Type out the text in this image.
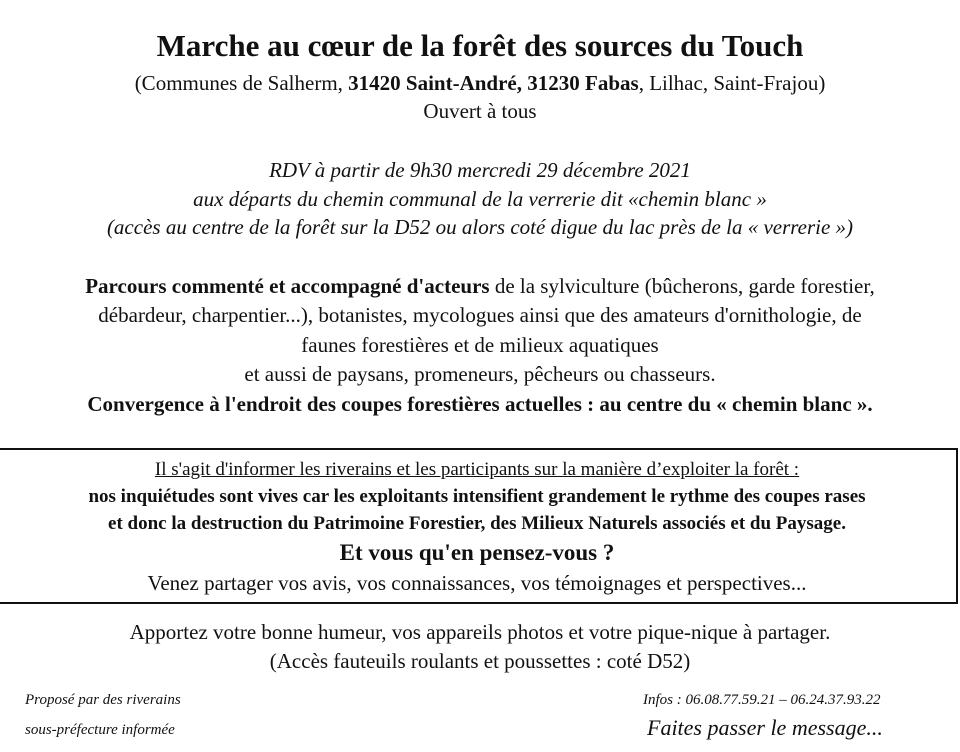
Marche au cœur de la forêt des sources du Touch
(Communes de Salherm, 31420 Saint-André, 31230 Fabas, Lilhac, Saint-Frajou)
Ouvert à tous
RDV à partir de 9h30 mercredi 29 décembre 2021
aux départs du chemin communal de la verrerie dit «chemin blanc »
(accès au centre de la forêt sur la D52 ou alors coté digue du lac près de la « verrerie »)
Parcours commenté et accompagné d'acteurs de la sylviculture (bûcherons, garde forestier,
débardeur, charpentier...), botanistes, mycologues ainsi que des amateurs d'ornithologie, de
faunes forestières et de milieux aquatiques
et aussi de paysans, promeneurs, pêcheurs ou chasseurs.
Convergence à l'endroit des coupes forestières actuelles : au centre du « chemin blanc ».
Il s'agit d'informer les riverains et les participants sur la manière d’exploiter la forêt :
nos inquiétudes sont vives car les exploitants intensifient grandement le rythme des coupes rases
et donc la destruction du Patrimoine Forestier, des Milieux Naturels associés et du Paysage.
Et vous qu'en pensez-vous ?
Venez partager vos avis, vos connaissances, vos témoignages et perspectives...
Apportez votre bonne humeur, vos appareils photos et votre pique-nique à partager.
(Accès fauteuils roulants et poussettes : coté D52)
Proposé par des riverains
sous-préfecture informée
Infos : 06.08.77.59.21 – 06.24.37.93.22
Faites passer le message...
